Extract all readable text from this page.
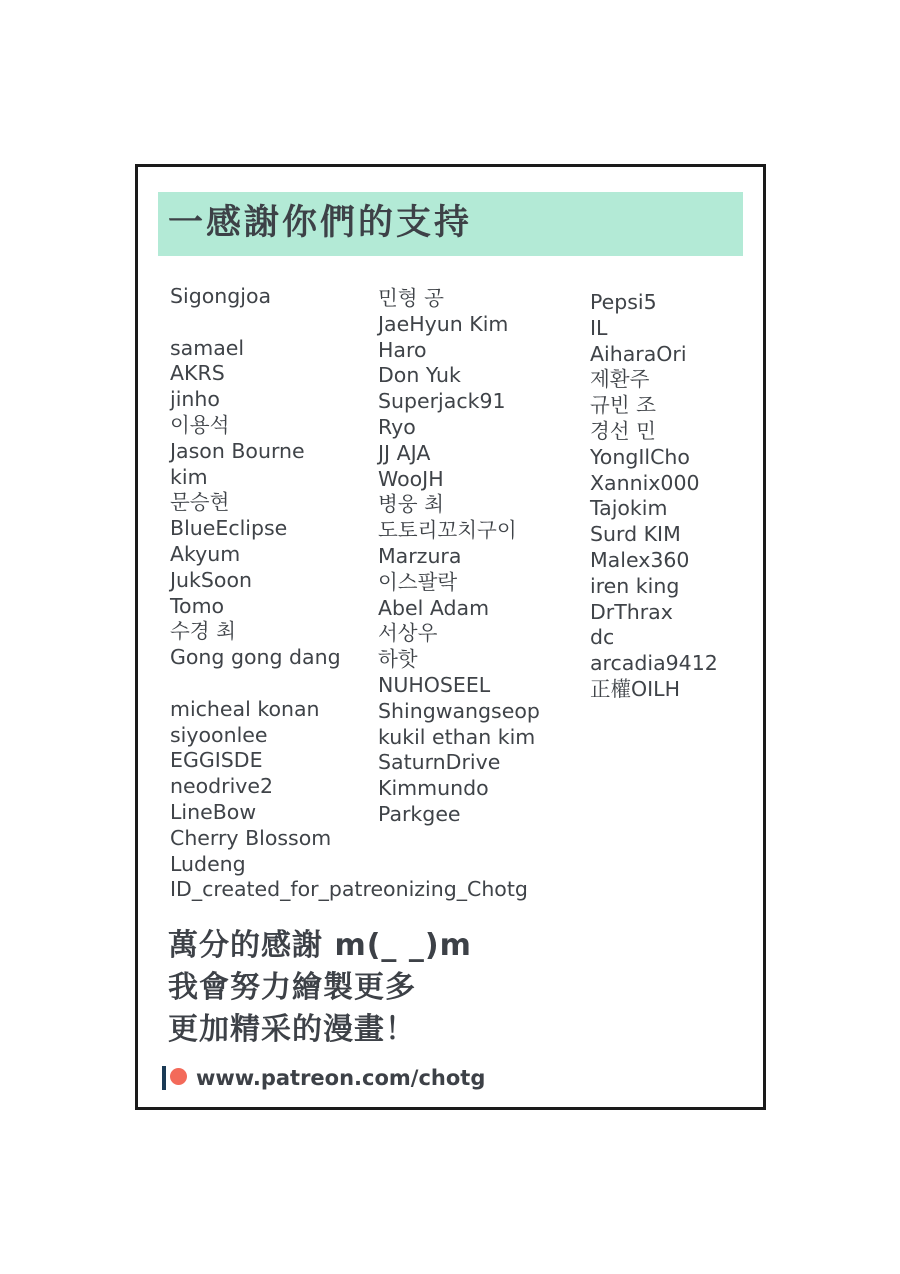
一感謝你們的支持
Sigongjoa
samael
AKRS
jinho
이용석
Jason Bourne
kim
문승현
BlueEclipse
Akyum
JukSoon
Tomo
수경 최
Gong gong dang
micheal konan
siyoonlee
EGGISDE
neodrive2
LineBow
Cherry Blossom
Ludeng
ID_created_for_patreonizing_Chotg
민형 공
JaeHyun Kim
Haro
Don Yuk
Superjack91
Ryo
JJ AJA
WooJH
병웅 최
도토리꼬치구이
Marzura
이스팔락
Abel Adam
서상우
하핫
NUHOSEEL
Shingwangseop
kukil ethan kim
SaturnDrive
Kimmundo
Parkgee
Pepsi5
IL
AiharaOri
제환주
규빈 조
경선 민
YongIlCho
Xannix000
Tajokim
Surd KIM
Malex360
iren king
DrThrax
dc
arcadia9412
正權OILH
萬分的感謝 m(_ _)m
我會努力繪製更多
更加精采的漫畫！
www.patreon.com/chotg
